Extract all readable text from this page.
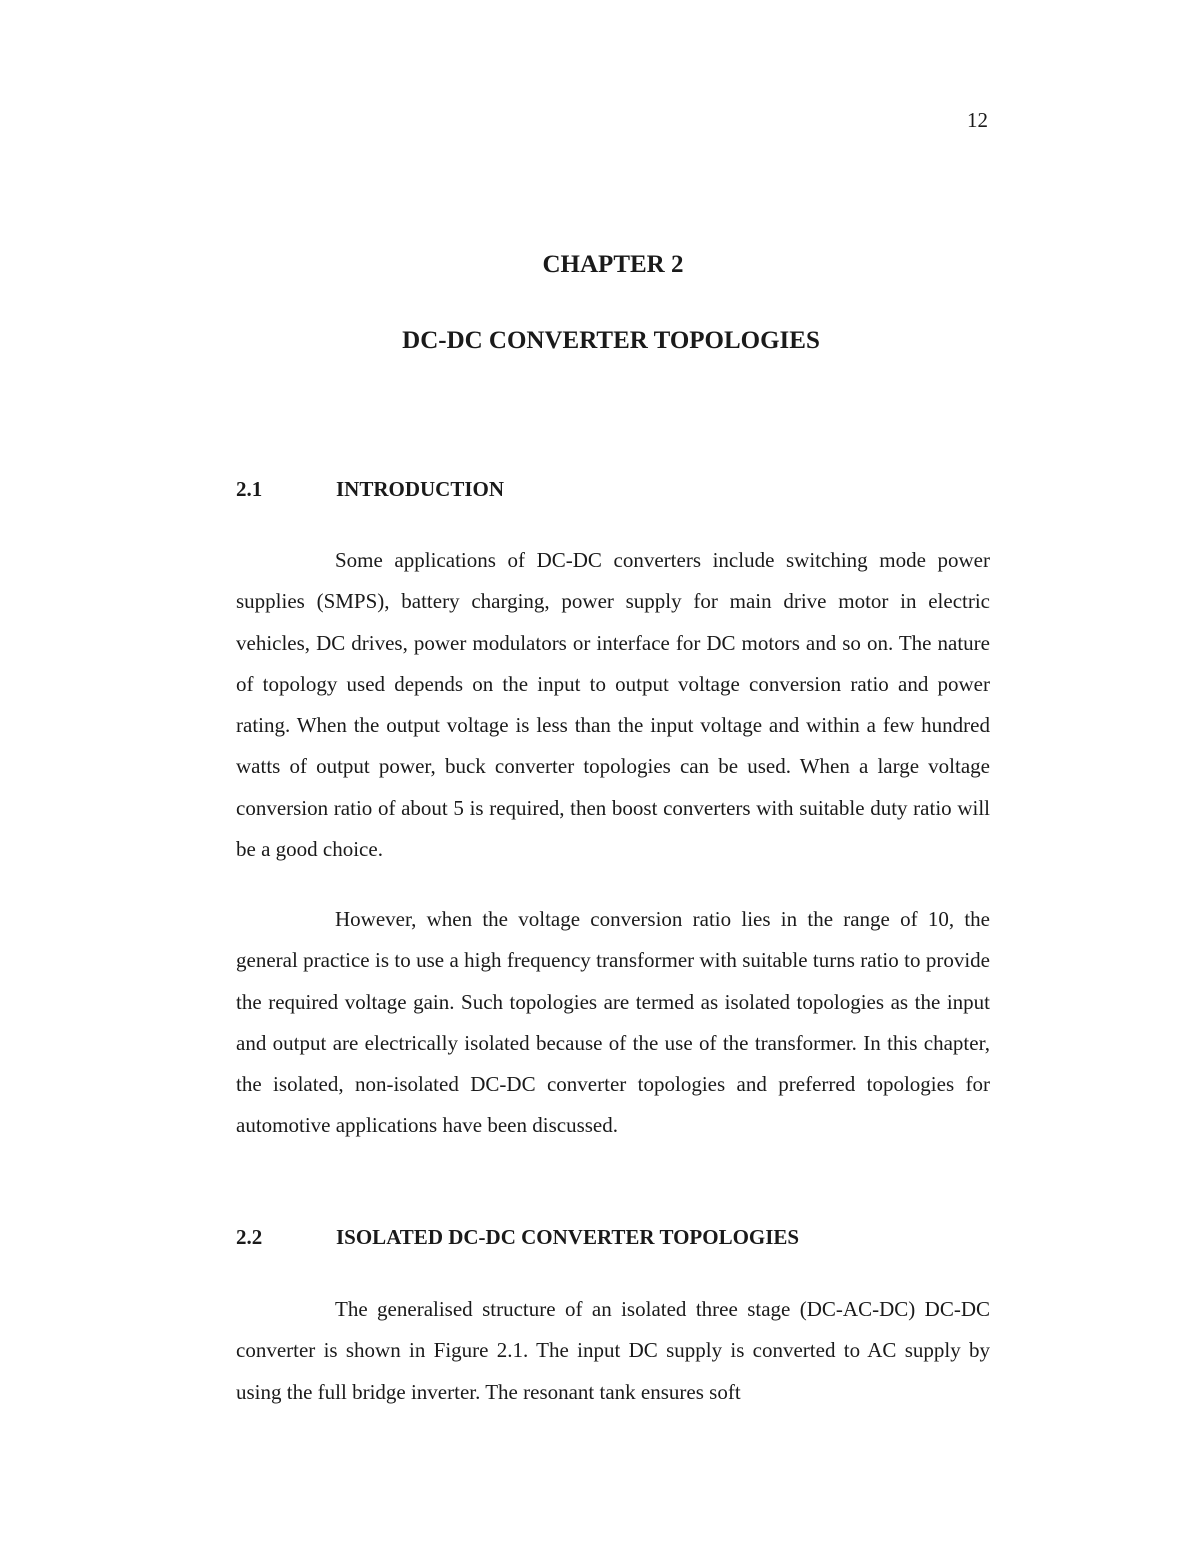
12
CHAPTER 2
DC-DC CONVERTER TOPOLOGIES
2.1	INTRODUCTION

Some applications of DC-DC converters include switching mode power supplies (SMPS), battery charging, power supply for main drive motor in electric vehicles, DC drives, power modulators or interface for DC motors and so on. The nature of topology used depends on the input to output voltage conversion ratio and power rating. When the output voltage is less than the input voltage and within a few hundred watts of output power, buck converter topologies can be used. When a large voltage conversion ratio of about 5 is required, then boost converters with suitable duty ratio will be a good choice.

However, when the voltage conversion ratio lies in the range of 10, the general practice is to use a high frequency transformer with suitable turns ratio to provide the required voltage gain. Such topologies are termed as isolated topologies as the input and output are electrically isolated because of the use of the transformer. In this chapter, the isolated, non-isolated DC-DC converter topologies and preferred topologies for automotive applications have been discussed.

2.2	ISOLATED DC-DC CONVERTER TOPOLOGIES

The generalised structure of an isolated three stage (DC-AC-DC) DC-DC converter is shown in Figure 2.1. The input DC supply is converted to AC supply by using the full bridge inverter. The resonant tank ensures soft
